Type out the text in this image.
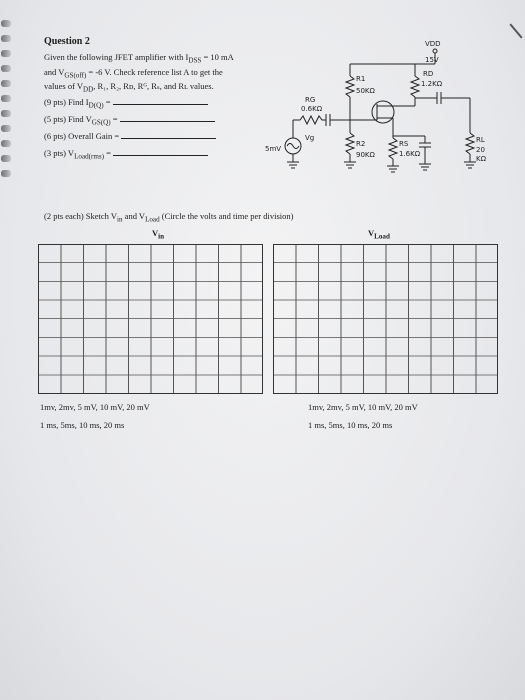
Question 2
Given the following JFET amplifier with $I_{DSS} = 10$ mA
and $V_{GS(off)} = -6$ V. Check reference list A to get the
values of $V_{DD}$, R₁, R₂, Rᴅ, Rᴳ, Rₛ, and Rʟ values.
(9 pts) Find $I_{D(Q)}$ =
(5 pts) Find $V_{GS(Q)}$ =
(6 pts) Overall Gain =
(3 pts) $V_{Load(rms)}$ =
VDD
15V
RD
1.2KΩ
R1
50KΩ
RG
0.6KΩ
Vg
5mV
R2
90KΩ
RS
1.6KΩ
RL
20
KΩ
(2 pts each) Sketch $V_{in}$ and $V_{Load}$ (Circle the volts and time per division)
$V_{in}$	$V_{Load}$
1mv, 2mv, 5 mV, 10 mV, 20 mV
1 ms, 5ms, 10 ms, 20 ms
1mv, 2mv, 5 mV, 10 mV, 20 mV
1 ms, 5ms, 10 ms, 20 ms
